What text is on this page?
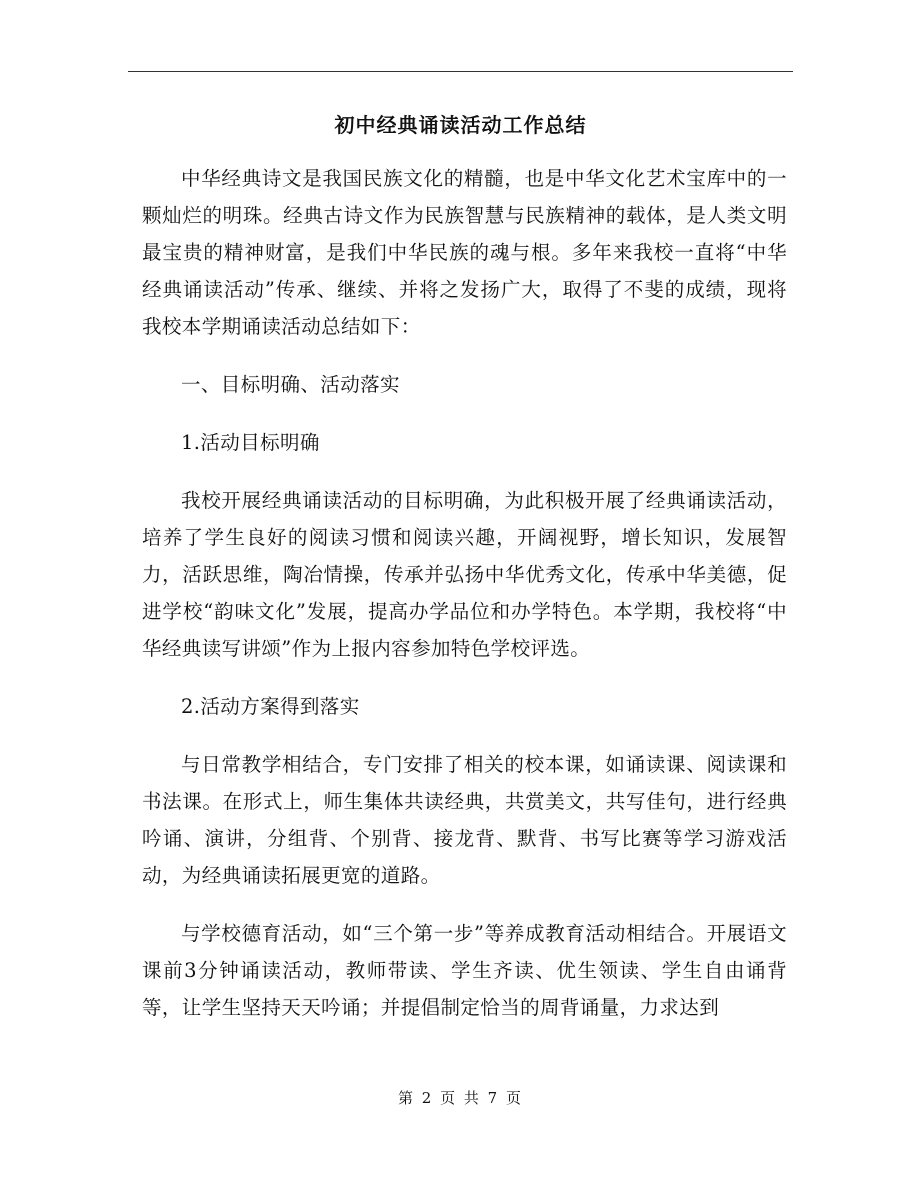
初中经典诵读活动工作总结

中华经典诗文是我国民族文化的精髓，也是中华文化艺术宝库中的一颗灿烂的明珠。经典古诗文作为民族智慧与民族精神的载体，是人类文明最宝贵的精神财富，是我们中华民族的魂与根。多年来我校一直将“中华经典诵读活动”传承、继续、并将之发扬广大，取得了不斐的成绩，现将我校本学期诵读活动总结如下：

一、目标明确、活动落实

1.活动目标明确

我校开展经典诵读活动的目标明确，为此积极开展了经典诵读活动，培养了学生良好的阅读习惯和阅读兴趣，开阔视野，增长知识，发展智力，活跃思维，陶冶情操，传承并弘扬中华优秀文化，传承中华美德，促进学校“韵味文化”发展，提高办学品位和办学特色。本学期，我校将“中华经典读写讲颂”作为上报内容参加特色学校评选。

2.活动方案得到落实

与日常教学相结合，专门安排了相关的校本课，如诵读课、阅读课和书法课。在形式上，师生集体共读经典，共赏美文，共写佳句，进行经典吟诵、演讲，分组背、个别背、接龙背、默背、书写比赛等学习游戏活动，为经典诵读拓展更宽的道路。

与学校德育活动，如“三个第一步”等养成教育活动相结合。开展语文课前3分钟诵读活动，教师带读、学生齐读、优生领读、学生自由诵背等，让学生坚持天天吟诵；并提倡制定恰当的周背诵量，力求达到

第 2 页 共 7 页
